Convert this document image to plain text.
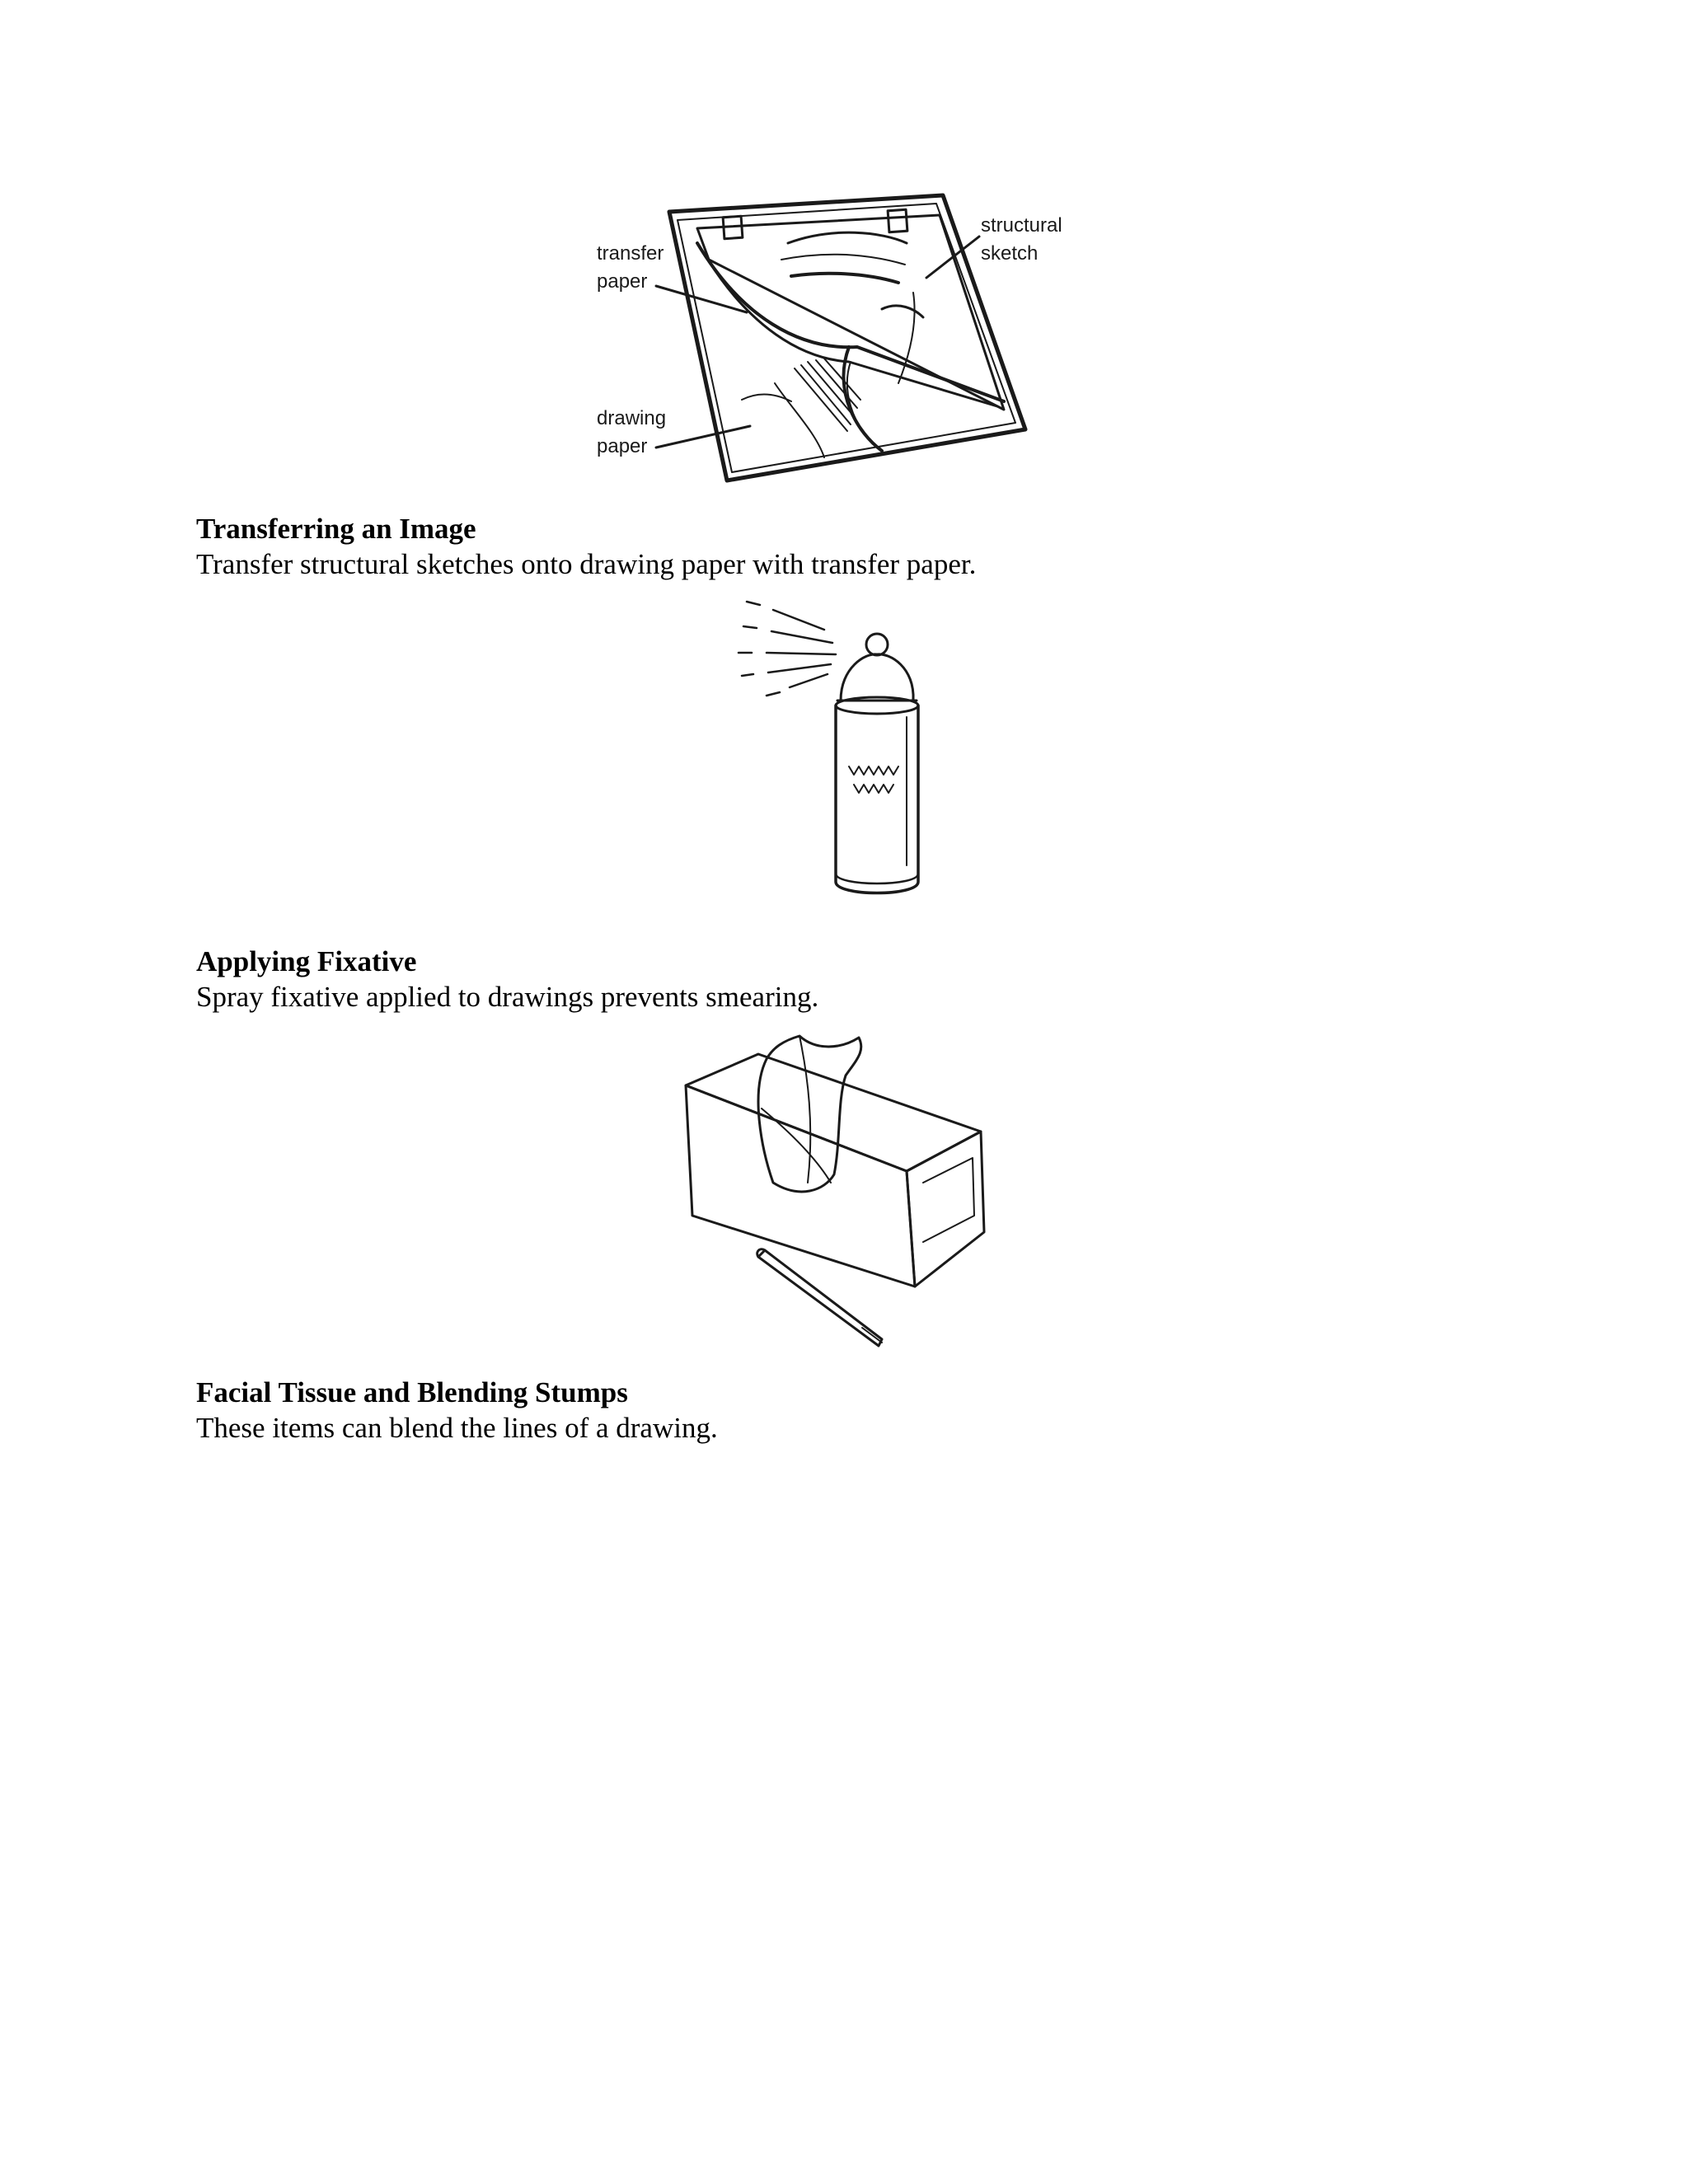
transfer
paper
structural
sketch
drawing
paper
Transferring an Image
Transfer structural sketches onto drawing paper with transfer paper.
Applying Fixative
Spray fixative applied to drawings prevents smearing.
Facial Tissue and Blending Stumps
These items can blend the lines of a drawing.
